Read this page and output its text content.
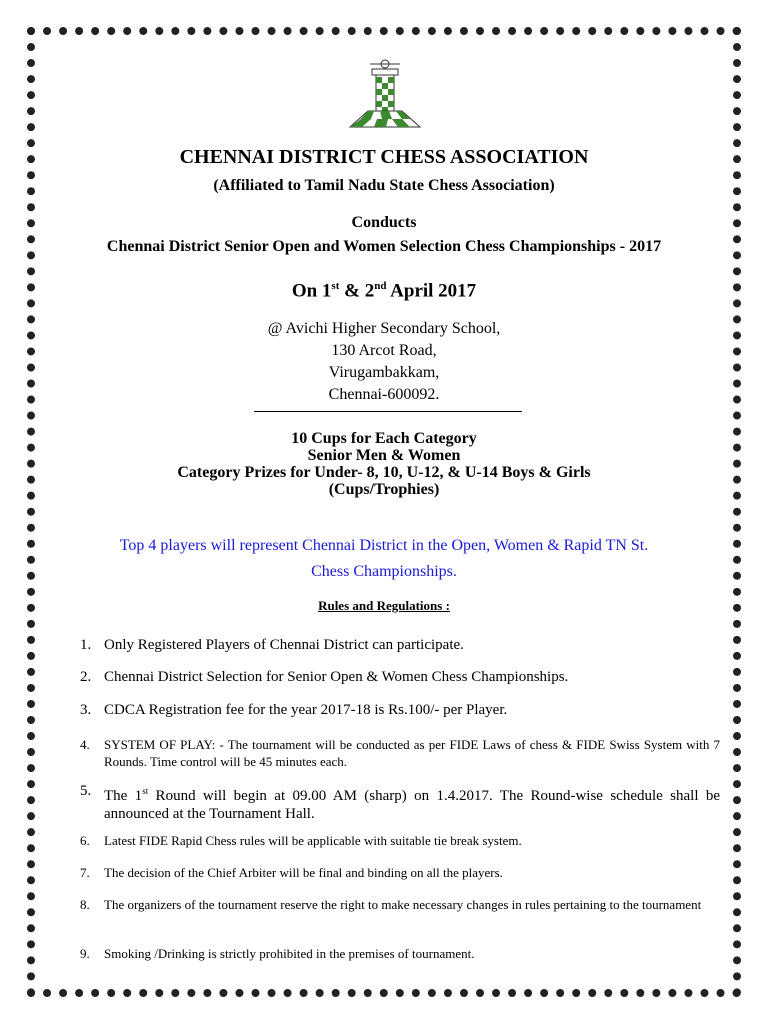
CHENNAI DISTRICT CHESS ASSOCIATION
(Affiliated to Tamil Nadu State Chess Association)
Conducts
Chennai District Senior Open and Women Selection Chess Championships - 2017
On 1st & 2nd April 2017
@ Avichi Higher Secondary School,
130 Arcot Road,
Virugambakkam,
Chennai-600092.
10 Cups for Each Category
Senior Men & Women
Category Prizes for Under- 8, 10, U-12, & U-14 Boys & Girls
(Cups/Trophies)
Top 4 players will represent Chennai District in the Open, Women & Rapid TN St.
Chess Championships.
Rules and Regulations :
1. Only Registered Players of Chennai District can participate.
2. Chennai District Selection for Senior Open & Women Chess Championships.
3. CDCA Registration fee for the year 2017-18 is Rs.100/- per Player.
4. SYSTEM OF PLAY: - The tournament will be conducted as per FIDE Laws of chess & FIDE Swiss System with 7 Rounds. Time control will be 45 minutes each.
5. The 1st Round will begin at 09.00 AM (sharp) on 1.4.2017. The Round-wise schedule shall be announced at the Tournament Hall.
6. Latest FIDE Rapid Chess rules will be applicable with suitable tie break system.
7. The decision of the Chief Arbiter will be final and binding on all the players.
8. The organizers of the tournament reserve the right to make necessary changes in rules pertaining to the tournament
9. Smoking /Drinking is strictly prohibited in the premises of tournament.
